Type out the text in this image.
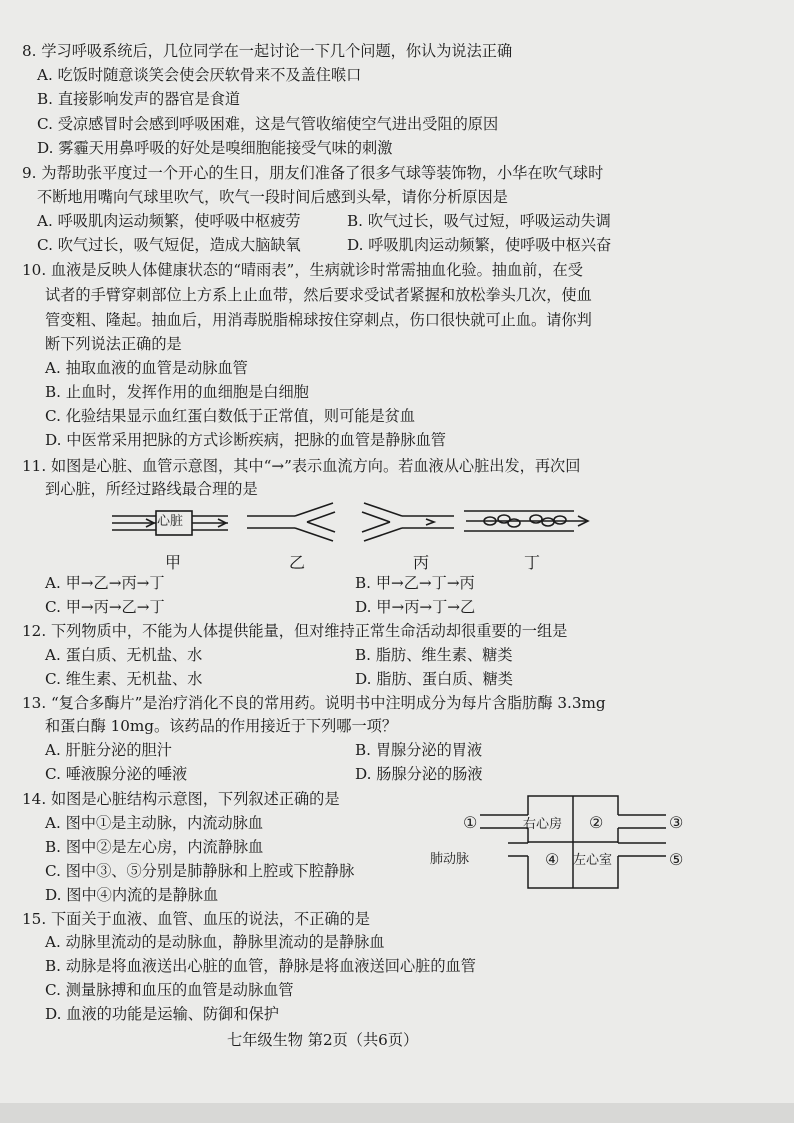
8. 学习呼吸系统后，几位同学在一起讨论一下几个问题，你认为说法正确
A. 吃饭时随意谈笑会使会厌软骨来不及盖住喉口
B. 直接影响发声的器官是食道
C. 受凉感冒时会感到呼吸困难，这是气管收缩使空气进出受阻的原因
D. 雾霾天用鼻呼吸的好处是嗅细胞能接受气味的刺激
9. 为帮助张平度过一个开心的生日，朋友们准备了很多气球等装饰物，小华在吹气球时
不断地用嘴向气球里吹气，吹气一段时间后感到头晕，请你分析原因是
A. 呼吸肌肉运动频繁，使呼吸中枢疲劳	B. 吹气过长，吸气过短，呼吸运动失调
C. 吹气过长，吸气短促，造成大脑缺氧	D. 呼吸肌肉运动频繁，使呼吸中枢兴奋
10. 血液是反映人体健康状态的“晴雨表”，生病就诊时常需抽血化验。抽血前，在受
试者的手臂穿刺部位上方系上止血带，然后要求受试者紧握和放松拳头几次，使血
管变粗、隆起。抽血后，用消毒脱脂棉球按住穿刺点，伤口很快就可止血。请你判
断下列说法正确的是
A. 抽取血液的血管是动脉血管
B. 止血时，发挥作用的血细胞是白细胞
C. 化验结果显示血红蛋白数低于正常值，则可能是贫血
D. 中医常采用把脉的方式诊断疾病，把脉的血管是静脉血管
11. 如图是心脏、血管示意图，其中“→”表示血流方向。若血液从心脏出发，再次回
到心脏，所经过路线最合理的是
心脏
甲	乙	丙	丁
A. 甲→乙→丙→丁	B. 甲→乙→丁→丙
C. 甲→丙→乙→丁	D. 甲→丙→丁→乙
12. 下列物质中，不能为人体提供能量，但对维持正常生命活动却很重要的一组是
A. 蛋白质、无机盐、水	B. 脂肪、维生素、糖类
C. 维生素、无机盐、水	D. 脂肪、蛋白质、糖类
13. “复合多酶片”是治疗消化不良的常用药。说明书中注明成分为每片含脂肪酶 3.3mg
和蛋白酶 10mg。该药品的作用接近于下列哪一项？
A. 肝脏分泌的胆汁	B. 胃腺分泌的胃液
C. 唾液腺分泌的唾液	D. 肠腺分泌的肠液
14. 如图是心脏结构示意图，下列叙述正确的是
A. 图中①是主动脉，内流动脉血
B. 图中②是左心房，内流静脉血
C. 图中③、⑤分别是肺静脉和上腔或下腔静脉
D. 图中④内流的是静脉血
①	右心房 ②	③
肺动脉	④ 左心室	⑤
15. 下面关于血液、血管、血压的说法，不正确的是
A. 动脉里流动的是动脉血，静脉里流动的是静脉血
B. 动脉是将血液送出心脏的血管，静脉是将血液送回心脏的血管
C. 测量脉搏和血压的血管是动脉血管
D. 血液的功能是运输、防御和保护
七年级生物 第2页（共6页）
